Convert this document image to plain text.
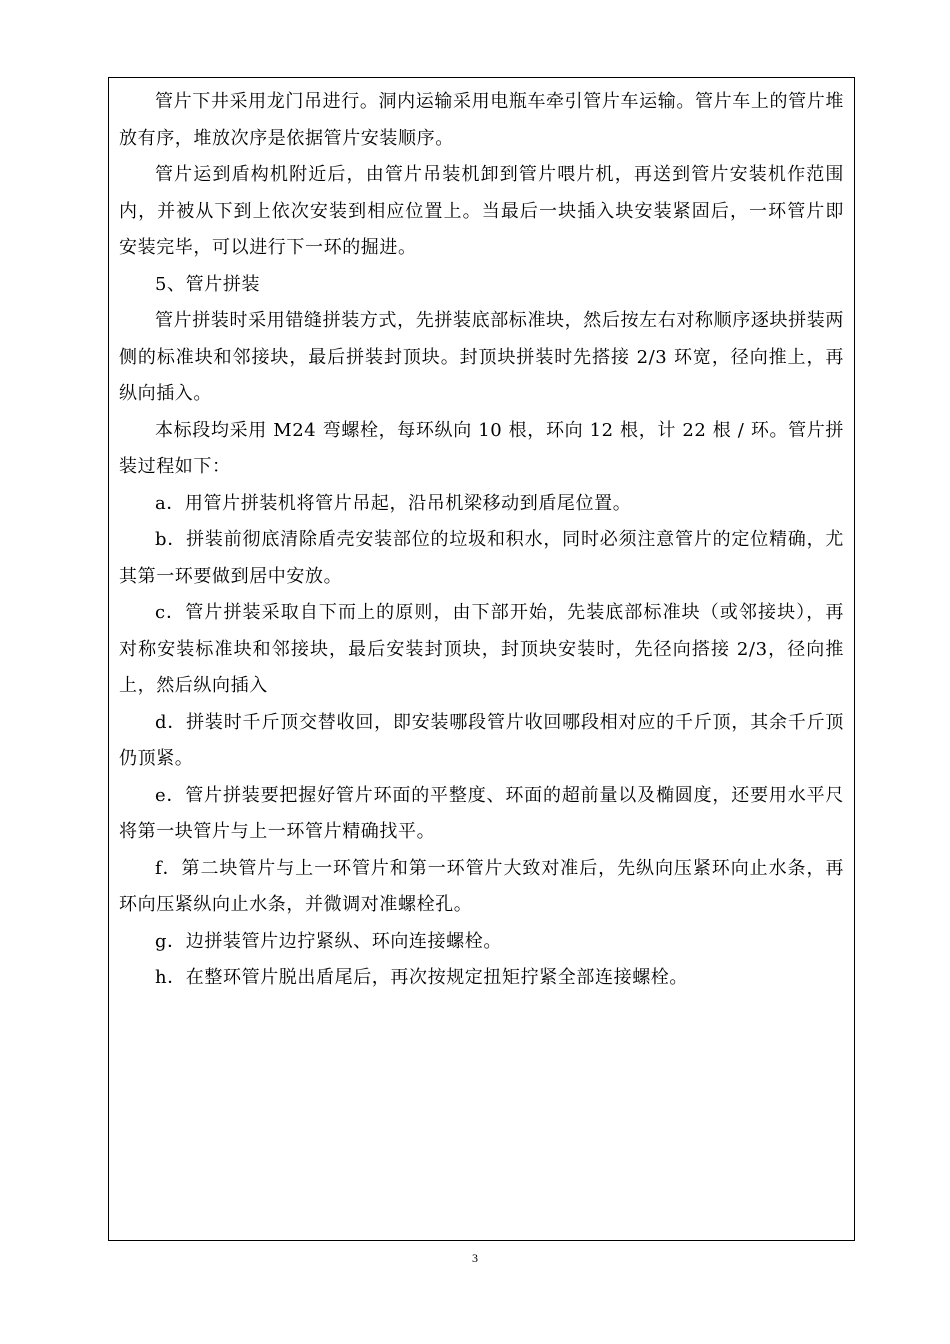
管片下井采用龙门吊进行。洞内运输采用电瓶车牵引管片车运输。管片车上的管片堆放有序，堆放次序是依据管片安装顺序。

管片运到盾构机附近后，由管片吊装机卸到管片喂片机，再送到管片安装机作范围内，并被从下到上依次安装到相应位置上。当最后一块插入块安装紧固后，一环管片即安装完毕，可以进行下一环的掘进。

5、管片拼装

管片拼装时采用错缝拼装方式，先拼装底部标准块，然后按左右对称顺序逐块拼装两侧的标准块和邻接块，最后拼装封顶块。封顶块拼装时先搭接 2/3 环宽，径向推上，再纵向插入。

本标段均采用 M24 弯螺栓，每环纵向 10 根，环向 12 根，计 22 根 / 环。管片拼装过程如下：

a．用管片拼装机将管片吊起，沿吊机梁移动到盾尾位置。

b．拼装前彻底清除盾壳安装部位的垃圾和积水，同时必须注意管片的定位精确，尤其第一环要做到居中安放。

c．管片拼装采取自下而上的原则，由下部开始，先装底部标准块（或邻接块），再对称安装标准块和邻接块，最后安装封顶块，封顶块安装时，先径向搭接 2/3，径向推上，然后纵向插入

d．拼装时千斤顶交替收回，即安装哪段管片收回哪段相对应的千斤顶，其余千斤顶仍顶紧。

e．管片拼装要把握好管片环面的平整度、环面的超前量以及椭圆度，还要用水平尺将第一块管片与上一环管片精确找平。

f．第二块管片与上一环管片和第一环管片大致对准后，先纵向压紧环向止水条，再环向压紧纵向止水条，并微调对准螺栓孔。

g．边拼装管片边拧紧纵、环向连接螺栓。

h．在整环管片脱出盾尾后，再次按规定扭矩拧紧全部连接螺栓。

3
